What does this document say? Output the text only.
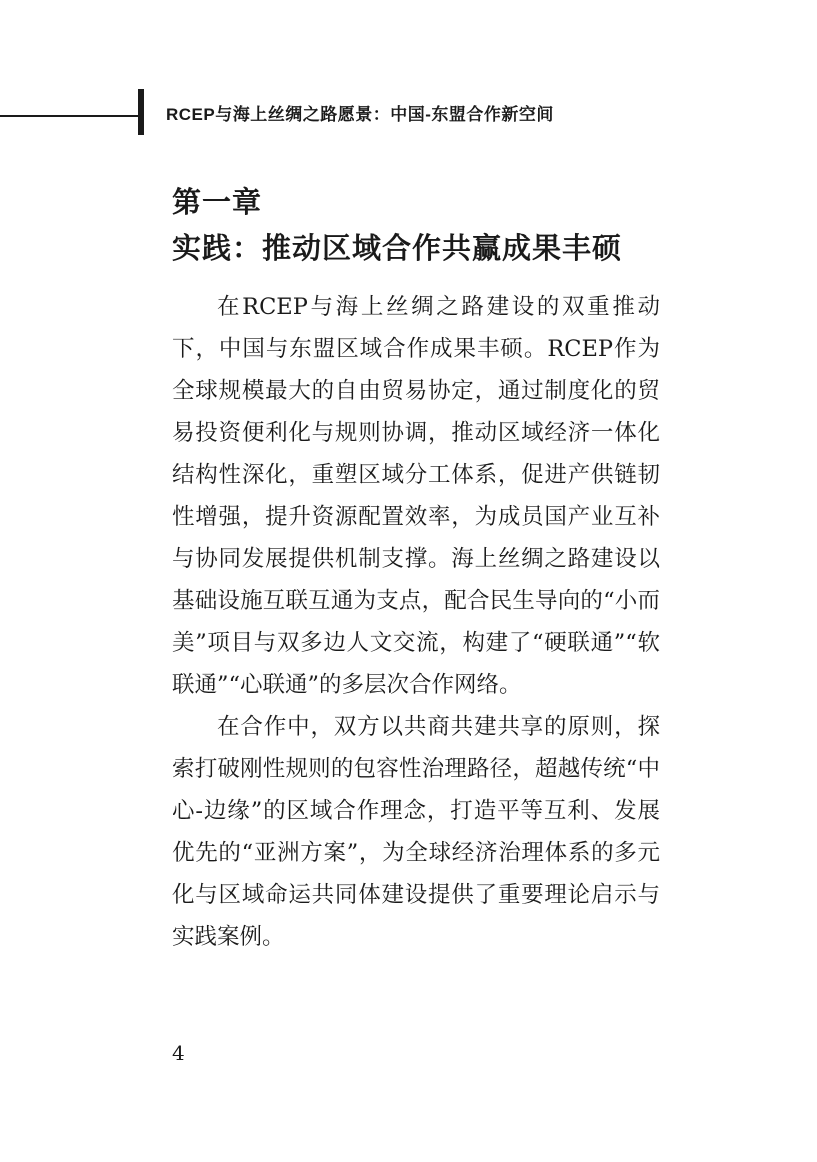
RCEP与海上丝绸之路愿景：中国-东盟合作新空间
第一章
实践：推动区域合作共赢成果丰硕

在RCEP与海上丝绸之路建设的双重推动下，中国与东盟区域合作成果丰硕。RCEP作为全球规模最大的自由贸易协定，通过制度化的贸易投资便利化与规则协调，推动区域经济一体化结构性深化，重塑区域分工体系，促进产供链韧性增强，提升资源配置效率，为成员国产业互补与协同发展提供机制支撑。海上丝绸之路建设以基础设施互联互通为支点，配合民生导向的“小而美”项目与双多边人文交流，构建了“硬联通”“软联通”“心联通”的多层次合作网络。

在合作中，双方以共商共建共享的原则，探索打破刚性规则的包容性治理路径，超越传统“中心-边缘”的区域合作理念，打造平等互利、发展优先的“亚洲方案”，为全球经济治理体系的多元化与区域命运共同体建设提供了重要理论启示与实践案例。

4
